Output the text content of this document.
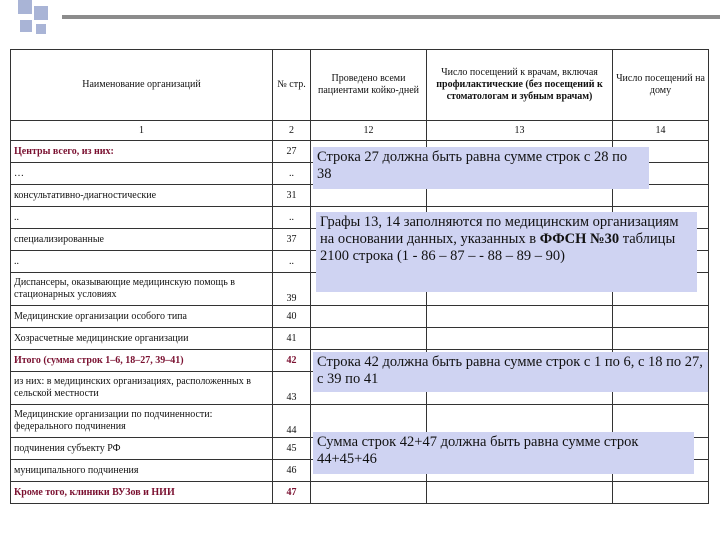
Наименование организаций	№ стр.	Проведено всеми пациентами койко-дней	Число посещений к врачам, включая профилактические (без посещений к стоматологам и зубным врачам)	Число посещений на дому
1	2	12	13	14
Центры всего, из них:	27			
…	..			
консультативно-диагностические	31			
..	..			
специализированные	37			
..	..			
Диспансеры, оказывающие медицинскую помощь в стационарных условиях	39			
Медицинские организации особого типа	40			
Хозрасчетные медицинские организации	41			
Итого (сумма строк 1–6, 18–27, 39–41)	42			
из них: в медицинских организациях, расположенных в сельской местности	43			
Медицинские организации по подчиненности: федерального подчинения	44			
подчинения субъекту РФ	45			
муниципального подчинения	46			
Кроме того, клиники ВУЗов и НИИ	47			
Строка 27 должна быть равна сумме строк с 28 по 38
Графы 13, 14 заполняются по медицинским организациям на основании данных, указанных в ФФСН №30 таблицы 2100 строка (1 - 86 – 87 – - 88 – 89 – 90)
Строка 42 должна быть равна сумме строк с 1 по 6, с 18 по 27, с 39 по 41
Сумма строк 42+47 должна быть равна сумме строк 44+45+46
